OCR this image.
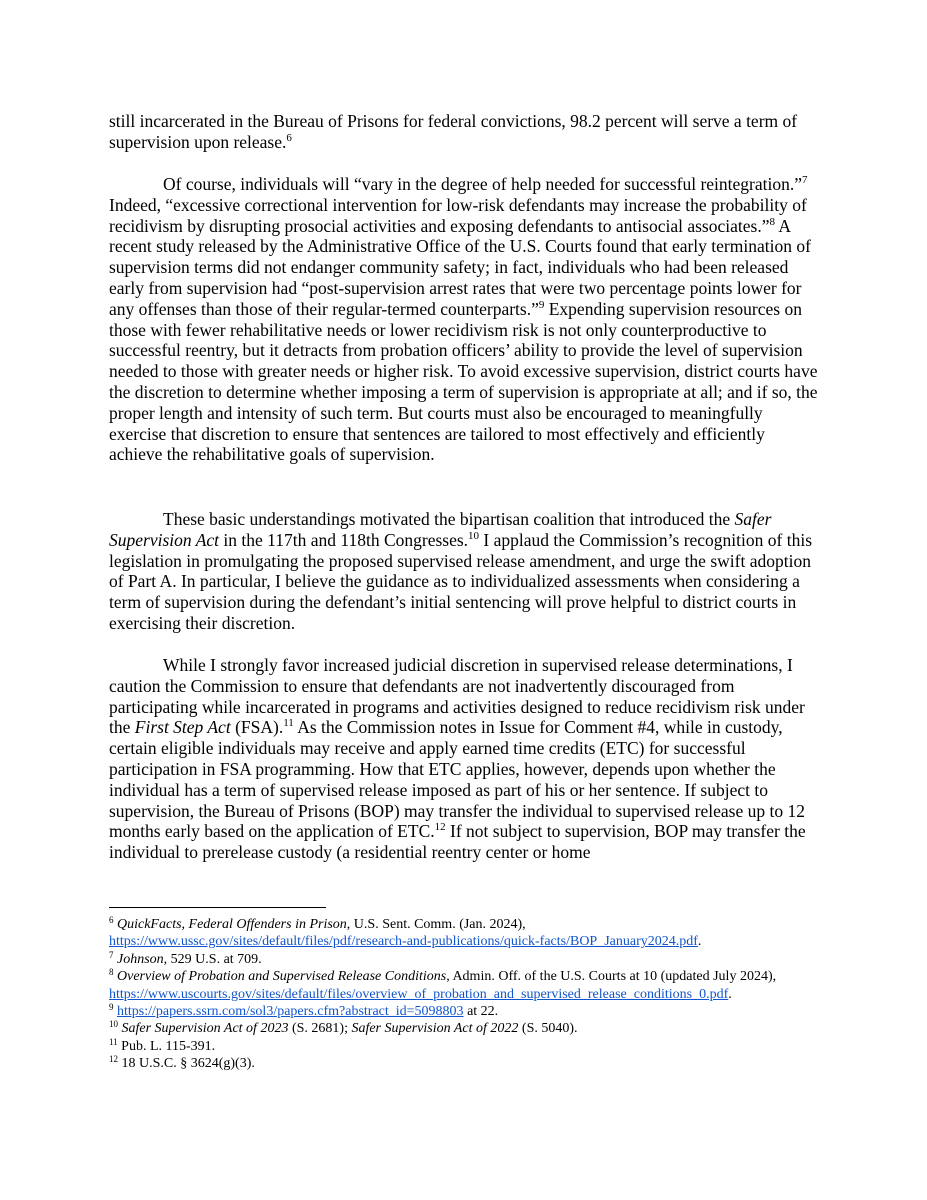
still incarcerated in the Bureau of Prisons for federal convictions, 98.2 percent will serve a term of supervision upon release.$^6$

Of course, individuals will “vary in the degree of help needed for successful reintegration.”$^7$ Indeed, “excessive correctional intervention for low-risk defendants may increase the probability of recidivism by disrupting prosocial activities and exposing defendants to antisocial associates.”$^8$ A recent study released by the Administrative Office of the U.S. Courts found that early termination of supervision terms did not endanger community safety; in fact, individuals who had been released early from supervision had “post-supervision arrest rates that were two percentage points lower for any offenses than those of their regular-termed counterparts.”$^9$ Expending supervision resources on those with fewer rehabilitative needs or lower recidivism risk is not only counterproductive to successful reentry, but it detracts from probation officers’ ability to provide the level of supervision needed to those with greater needs or higher risk. To avoid excessive supervision, district courts have the discretion to determine whether imposing a term of supervision is appropriate at all; and if so, the proper length and intensity of such term. But courts must also be encouraged to meaningfully exercise that discretion to ensure that sentences are tailored to most effectively and efficiently achieve the rehabilitative goals of supervision.

These basic understandings motivated the bipartisan coalition that introduced the Safer Supervision Act in the 117th and 118th Congresses.$^{10}$ I applaud the Commission’s recognition of this legislation in promulgating the proposed supervised release amendment, and urge the swift adoption of Part A. In particular, I believe the guidance as to individualized assessments when considering a term of supervision during the defendant’s initial sentencing will prove helpful to district courts in exercising their discretion.

While I strongly favor increased judicial discretion in supervised release determinations, I caution the Commission to ensure that defendants are not inadvertently discouraged from participating while incarcerated in programs and activities designed to reduce recidivism risk under the First Step Act (FSA).$^{11}$ As the Commission notes in Issue for Comment #4, while in custody, certain eligible individuals may receive and apply earned time credits (ETC) for successful participation in FSA programming. How that ETC applies, however, depends upon whether the individual has a term of supervised release imposed as part of his or her sentence. If subject to supervision, the Bureau of Prisons (BOP) may transfer the individual to supervised release up to 12 months early based on the application of ETC.$^{12}$ If not subject to supervision, BOP may transfer the individual to prerelease custody (a residential reentry center or home

$^6$ QuickFacts, Federal Offenders in Prison, U.S. Sent. Comm. (Jan. 2024),
https://www.ussc.gov/sites/default/files/pdf/research-and-publications/quick-facts/BOP_January2024.pdf.

$^7$ Johnson, 529 U.S. at 709.

$^8$ Overview of Probation and Supervised Release Conditions, Admin. Off. of the U.S. Courts at 10 (updated July 2024),
https://www.uscourts.gov/sites/default/files/overview_of_probation_and_supervised_release_conditions_0.pdf.

$^9$ https://papers.ssrn.com/sol3/papers.cfm?abstract_id=5098803 at 22.

$^{10}$ Safer Supervision Act of 2023 (S. 2681); Safer Supervision Act of 2022 (S. 5040).

$^{11}$ Pub. L. 115-391.

$^{12}$ 18 U.S.C. § 3624(g)(3).
